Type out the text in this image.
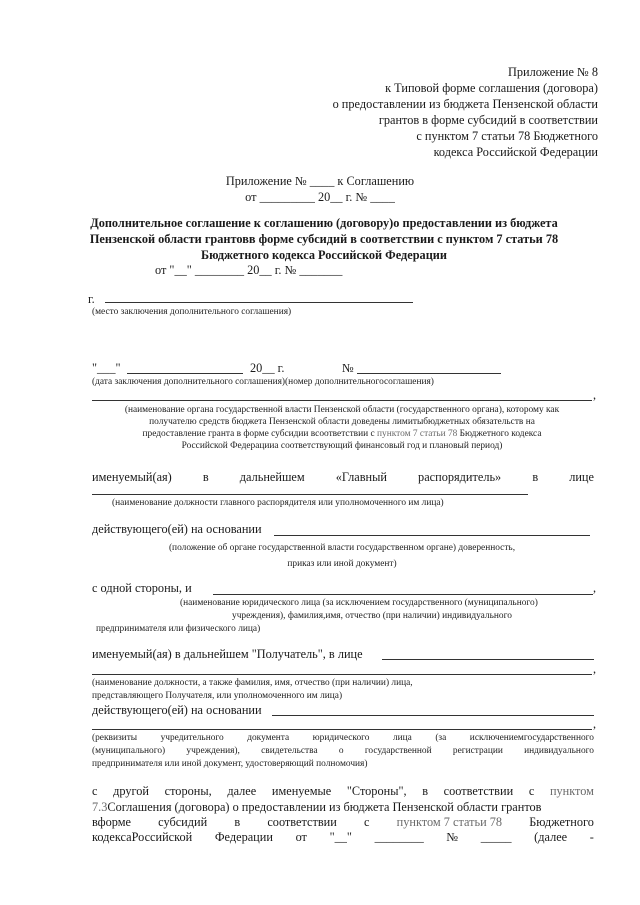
Приложение № 8
к Типовой форме соглашения (договора)
о предоставлении из бюджета Пензенской области
грантов в форме субсидий в соответствии
с пунктом 7 статьи 78 Бюджетного
кодекса Российской Федерации
Приложение № ____ к Соглашению
от _________ 20__ г. № ____
Дополнительное соглашение к соглашению (договору)о предоставлении из бюджета Пензенской области грантовв форме субсидий в соответствии с пунктом 7 статьи 78 Бюджетного кодекса Российской Федерации
от "__" ________ 20__ г. № _______
г.
(место заключения дополнительного соглашения)
"___"	20__ г.	№
(дата заключения дополнительного соглашения)(номер дополнительногосоглашения)
,
(наименование органа государственной власти Пензенской области (государственного органа), которому как
получателю средств бюджета Пензенской области доведены лимитыбюджетных обязательств на
предоставление гранта в форме субсидии всоответствии с пунктом 7 статьи 78 Бюджетного кодекса
Российской Федерацииа соответствующий финансовый год и плановый период)
именуемый(ая)	в	дальнейшем	«Главный	распорядитель»	в	лице
(наименование должности главного распорядителя или уполномоченного им лица)
действующего(ей) на основании
(положение об органе государственной власти государственном органе) доверенность,
приказ или иной документ)
с одной стороны, и	,
(наименование юридического лица (за исключением государственного (муниципального)
учреждения), фамилия,имя, отчество (при наличии) индивидуального
предпринимателя или физического лица)
именуемый(ая) в дальнейшем "Получатель", в лице
,
(наименование должности, а также фамилия, имя, отчество (при наличии) лица,
представляющего Получателя, или уполномоченного им лица)
действующего(ей) на основании
,
(реквизиты учредительного документа юридического лица (за исключениемгосударственного
(муниципального) учреждения), свидетельства о государственной регистрации индивидуального
предпринимателя или иной документ, удостоверяющий полномочия)
с другой стороны, далее именуемые "Стороны", в соответствии с пунктом
7.3Соглашения (договора) о предоставлении из бюджета Пензенской области грантов
вформе субсидий в соответствии с пунктом 7 статьи 78 Бюджетного
кодексаРоссийской Федерации от "__" ________ № _____ (далее -
